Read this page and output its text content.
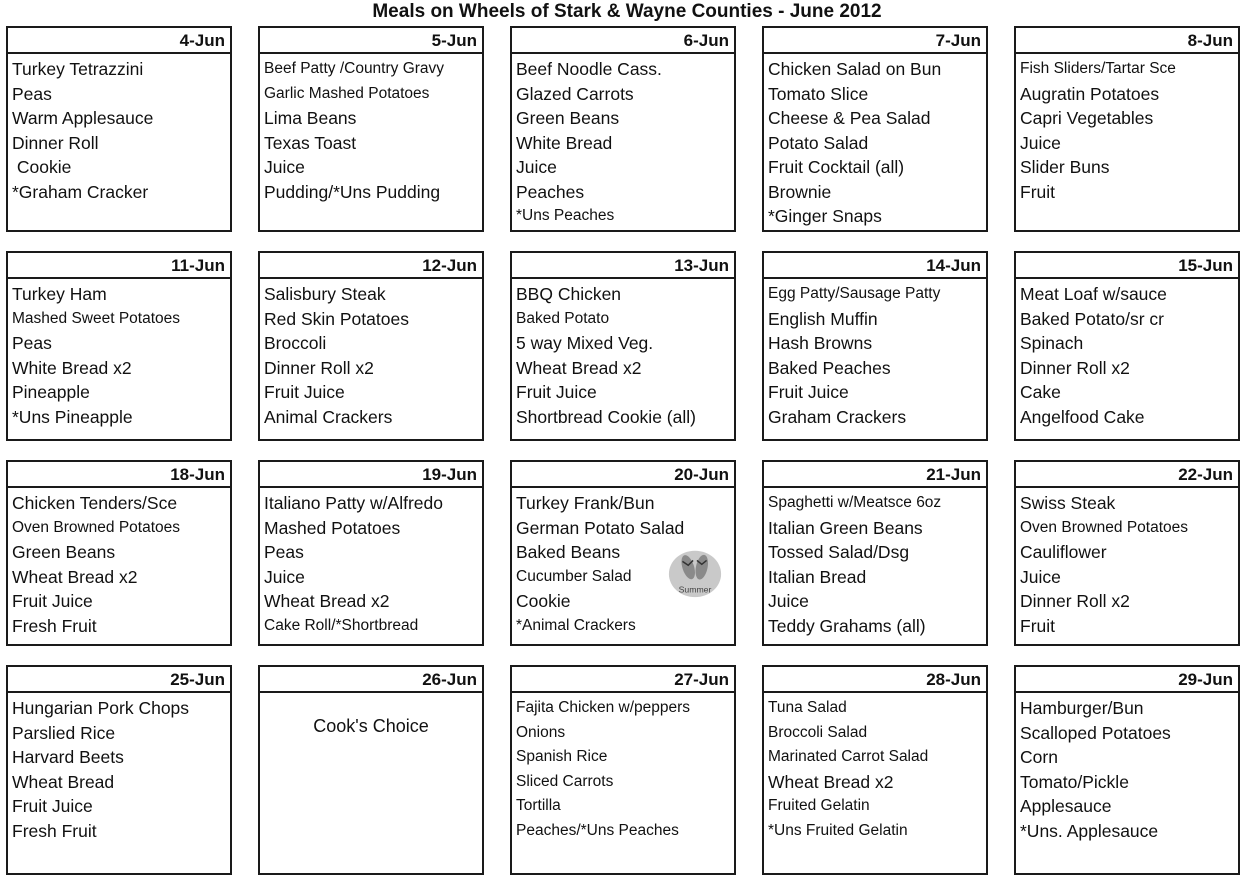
Meals on Wheels of Stark & Wayne Counties - June 2012
4-Jun
Turkey Tetrazzini
Peas
Warm Applesauce
Dinner Roll
Cookie
*Graham Cracker
5-Jun
Beef Patty /Country Gravy
Garlic Mashed Potatoes
Lima Beans
Texas Toast
Juice
Pudding/*Uns Pudding
6-Jun
Beef Noodle Cass.
Glazed Carrots
Green Beans
White Bread
Juice
Peaches
*Uns Peaches
7-Jun
Chicken Salad on Bun
Tomato Slice
Cheese & Pea Salad
Potato Salad
Fruit Cocktail (all)
Brownie
*Ginger Snaps
8-Jun
Fish Sliders/Tartar Sce
Augratin Potatoes
Capri Vegetables
Juice
Slider Buns
Fruit
11-Jun
Turkey Ham
Mashed Sweet Potatoes
Peas
White Bread x2
Pineapple
*Uns Pineapple
12-Jun
Salisbury Steak
Red Skin Potatoes
Broccoli
Dinner Roll x2
Fruit Juice
Animal Crackers
13-Jun
BBQ Chicken
Baked Potato
5 way Mixed Veg.
Wheat Bread x2
Fruit Juice
Shortbread Cookie (all)
14-Jun
Egg Patty/Sausage Patty
English Muffin
Hash Browns
Baked Peaches
Fruit Juice
Graham Crackers
15-Jun
Meat Loaf w/sauce
Baked Potato/sr cr
Spinach
Dinner Roll x2
Cake
Angelfood Cake
18-Jun
Chicken Tenders/Sce
Oven Browned Potatoes
Green Beans
Wheat Bread x2
Fruit Juice
Fresh Fruit
19-Jun
Italiano Patty w/Alfredo
Mashed Potatoes
Peas
Juice
Wheat Bread x2
Cake Roll/*Shortbread
20-Jun
Turkey Frank/Bun
German Potato Salad
Baked Beans
Cucumber Salad
Cookie
*Animal Crackers
Summer
21-Jun
Spaghetti w/Meatsce 6oz
Italian Green Beans
Tossed Salad/Dsg
Italian Bread
Juice
Teddy Grahams (all)
22-Jun
Swiss Steak
Oven Browned Potatoes
Cauliflower
Juice
Dinner Roll x2
Fruit
25-Jun
Hungarian Pork Chops
Parslied Rice
Harvard Beets
Wheat Bread
Fruit Juice
Fresh Fruit
26-Jun
Cook's Choice
27-Jun
Fajita Chicken w/peppers
Onions
Spanish Rice
Sliced Carrots
Tortilla
Peaches/*Uns Peaches
28-Jun
Tuna Salad
Broccoli Salad
Marinated Carrot Salad
Wheat Bread x2
Fruited Gelatin
*Uns Fruited Gelatin
29-Jun
Hamburger/Bun
Scalloped Potatoes
Corn
Tomato/Pickle
Applesauce
*Uns. Applesauce
